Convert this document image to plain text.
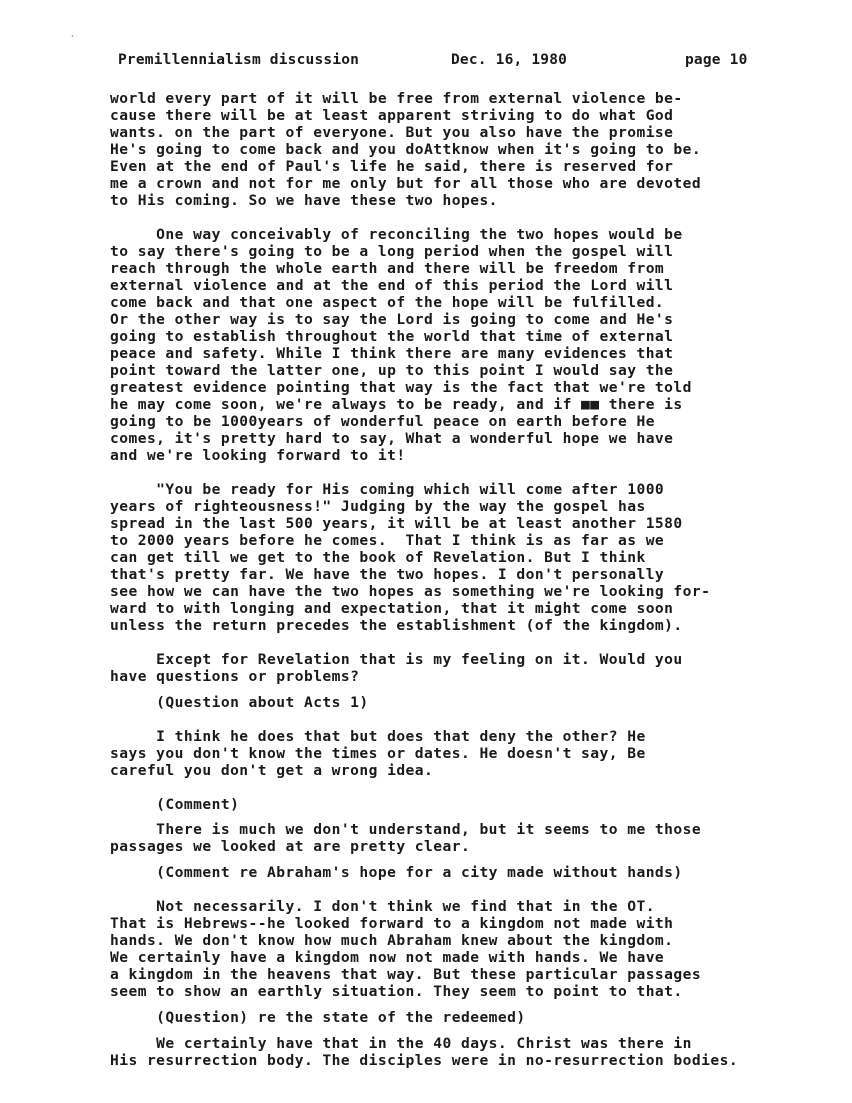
¸
Premillennialism discussion	Dec. 16, 1980	page 10
world every part of it will be free from external violence be-
cause there will be at least apparent striving to do what God
wants. on the part of everyone. But you also have the promise
He's going to come back and you doAttknow when it's going to be.
Even at the end of Paul's life he said, there is reserved for
me a crown and not for me only but for all those who are devoted
to His coming. So we have these two hopes.
One way conceivably of reconciling the two hopes would be
to say there's going to be a long period when the gospel will
reach through the whole earth and there will be freedom from
external violence and at the end of this period the Lord will
come back and that one aspect of the hope will be fulfilled.
Or the other way is to say the Lord is going to come and He's
going to establish throughout the world that time of external
peace and safety. While I think there are many evidences that
point toward the latter one, up to this point I would say the
greatest evidence pointing that way is the fact that we're told
he may come soon, we're always to be ready, and if ■■ there is
going to be 1000years of wonderful peace on earth before He
comes, it's pretty hard to say, What a wonderful hope we have
and we're looking forward to it!
"You be ready for His coming which will come after 1000
years of righteousness!" Judging by the way the gospel has
spread in the last 500 years, it will be at least another 1580
to 2000 years before he comes.  That I think is as far as we
can get till we get to the book of Revelation. But I think
that's pretty far. We have the two hopes. I don't personally
see how we can have the two hopes as something we're looking for-
ward to with longing and expectation, that it might come soon
unless the return precedes the establishment (of the kingdom).
Except for Revelation that is my feeling on it. Would you
have questions or problems?
(Question about Acts 1)
I think he does that but does that deny the other? He
says you don't know the times or dates. He doesn't say, Be
careful you don't get a wrong idea.
(Comment)
There is much we don't understand, but it seems to me those
passages we looked at are pretty clear.
(Comment re Abraham's hope for a city made without hands)
Not necessarily. I don't think we find that in the OT.
That is Hebrews--he looked forward to a kingdom not made with
hands. We don't know how much Abraham knew about the kingdom.
We certainly have a kingdom now not made with hands. We have
a kingdom in the heavens that way. But these particular passages
seem to show an earthly situation. They seem to point to that.
(Question) re the state of the redeemed)
We certainly have that in the 40 days. Christ was there in
His resurrection body. The disciples were in no-resurrection bodies.
